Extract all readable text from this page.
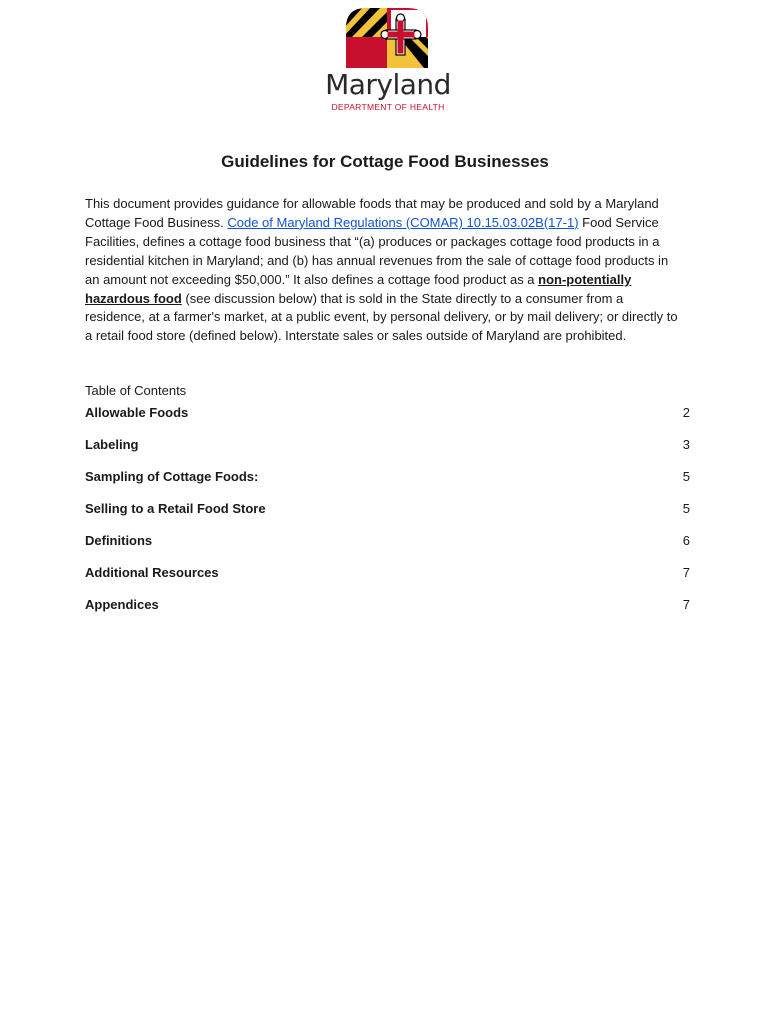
Maryland
DEPARTMENT OF HEALTH
Guidelines for Cottage Food Businesses

This document provides guidance for allowable foods that may be produced and sold by a Maryland Cottage Food Business. Code of Maryland Regulations (COMAR) 10.15.03.02B(17-1) Food Service Facilities, defines a cottage food business that “(a) produces or packages cottage food products in a residential kitchen in Maryland; and (b) has annual revenues from the sale of cottage food products in an amount not exceeding $50,000.” It also defines a cottage food product as a non-potentially hazardous food (see discussion below) that is sold in the State directly to a consumer from a residence, at a farmer's market, at a public event, by personal delivery, or by mail delivery; or directly to a retail food store (defined below). Interstate sales or sales outside of Maryland are prohibited.

Table of Contents
Allowable Foods	2
Labeling	3
Sampling of Cottage Foods:	5
Selling to a Retail Food Store	5
Definitions	6
Additional Resources	7
Appendices	7
